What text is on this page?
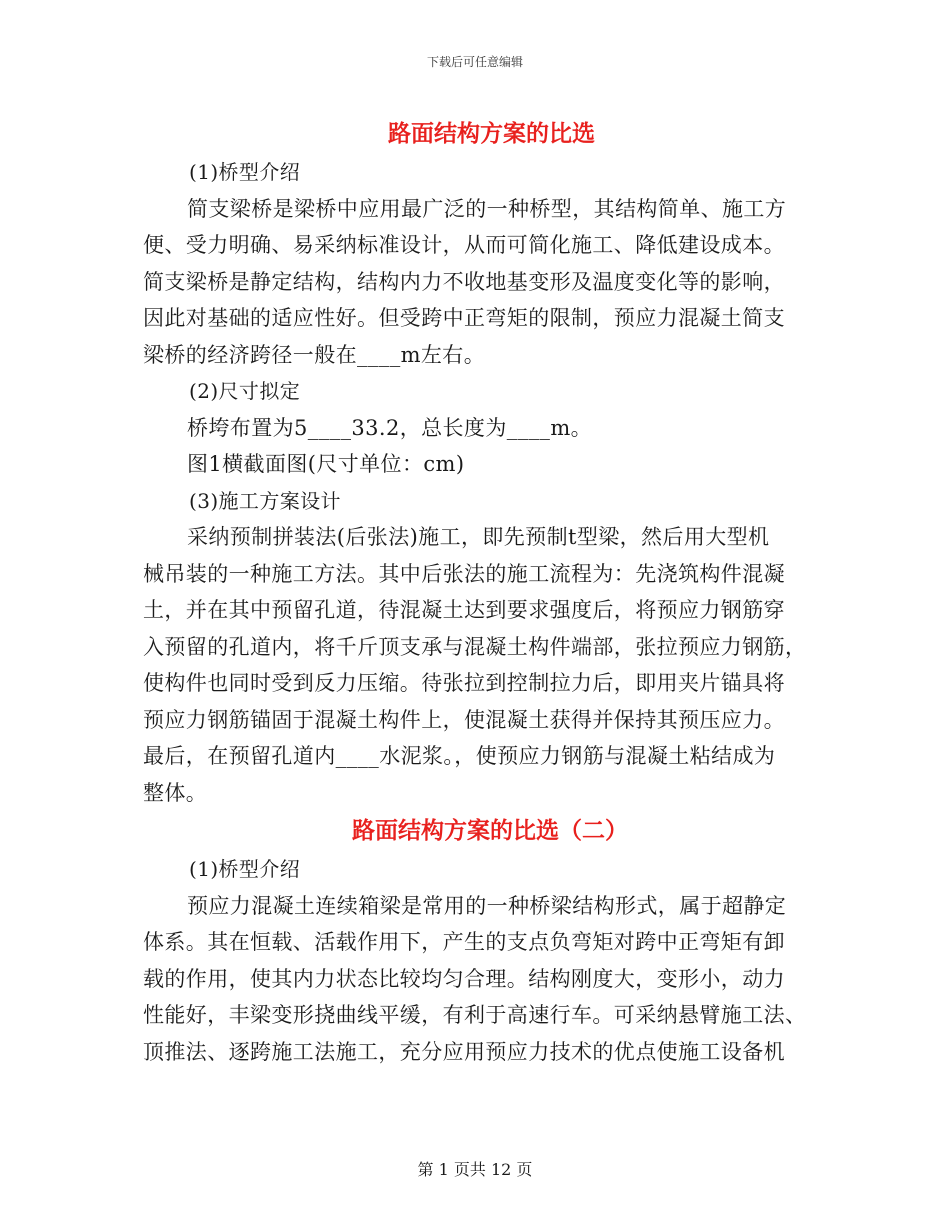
下载后可任意编辑
路面结构方案的比选

(1)桥型介绍

简支梁桥是梁桥中应用最广泛的一种桥型，其结构简单、施工方

便、受力明确、易采纳标准设计，从而可简化施工、降低建设成本。

简支梁桥是静定结构，结构内力不收地基变形及温度变化等的影响，

因此对基础的适应性好。但受跨中正弯矩的限制，预应力混凝土简支

梁桥的经济跨径一般在____m左右。

(2)尺寸拟定

桥垮布置为5____33.2，总长度为____m。

图1横截面图(尺寸单位：cm)

(3)施工方案设计

采纳预制拼装法(后张法)施工，即先预制t型梁，然后用大型机

械吊装的一种施工方法。其中后张法的施工流程为：先浇筑构件混凝

土，并在其中预留孔道，待混凝土达到要求强度后，将预应力钢筋穿

入预留的孔道内，将千斤顶支承与混凝土构件端部，张拉预应力钢筋，

使构件也同时受到反力压缩。待张拉到控制拉力后，即用夹片锚具将

预应力钢筋锚固于混凝土构件上，使混凝土获得并保持其预压应力。

最后，在预留孔道内____水泥浆。，使预应力钢筋与混凝土粘结成为

整体。

路面结构方案的比选（二）

(1)桥型介绍

预应力混凝土连续箱梁是常用的一种桥梁结构形式，属于超静定

体系。其在恒载、活载作用下，产生的支点负弯矩对跨中正弯矩有卸

载的作用，使其内力状态比较均匀合理。结构刚度大，变形小，动力

性能好，丰梁变形挠曲线平缓，有利于高速行车。可采纳悬臂施工法、

顶推法、逐跨施工法施工，充分应用预应力技术的优点使施工设备机

第 1 页共 12 页
